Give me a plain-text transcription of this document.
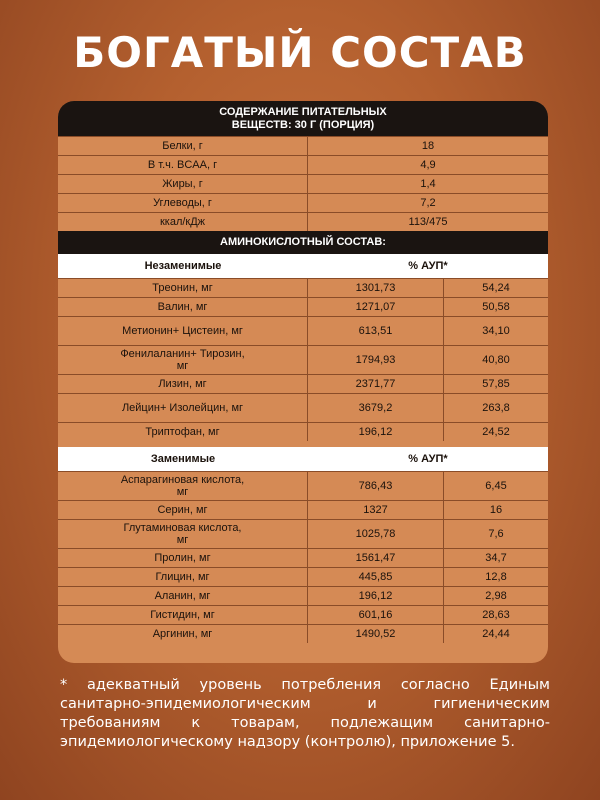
БОГАТЫЙ СОСТАВ
СОДЕРЖАНИЕ ПИТАТЕЛЬНЫХ ВЕЩЕСТВ: 30 Г (ПОРЦИЯ)
Белки, г	18
В т.ч. BCAA, г	4,9
Жиры, г	1,4
Углеводы, г	7,2
ккал/кДж	113/475
АМИНОКИСЛОТНЫЙ СОСТАВ:
Незаменимые	% АУП*
Треонин, мг	1301,73	54,24
Валин, мг	1271,07	50,58
Метионин+ Цистеин, мг	613,51	34,10
Фенилаланин+ Тирозин, мг	1794,93	40,80
Лизин, мг	2371,77	57,85
Лейцин+ Изолейцин, мг	3679,2	263,8
Триптофан, мг	196,12	24,52
Заменимые	% АУП*
Аспарагиновая кислота, мг	786,43	6,45
Серин, мг	1327	16
Глутаминовая кислота, мг	1025,78	7,6
Пролин, мг	1561,47	34,7
Глицин, мг	445,85	12,8
Аланин, мг	196,12	2,98
Гистидин, мг	601,16	28,63
Аргинин, мг	1490,52	24,44
* адекватный уровень потребления согласно Единым санитарно-эпидемиологическим и гигиеническим требованиям к товарам, подлежащим санитарно-эпидемиологическому надзору (контролю), приложение 5.
